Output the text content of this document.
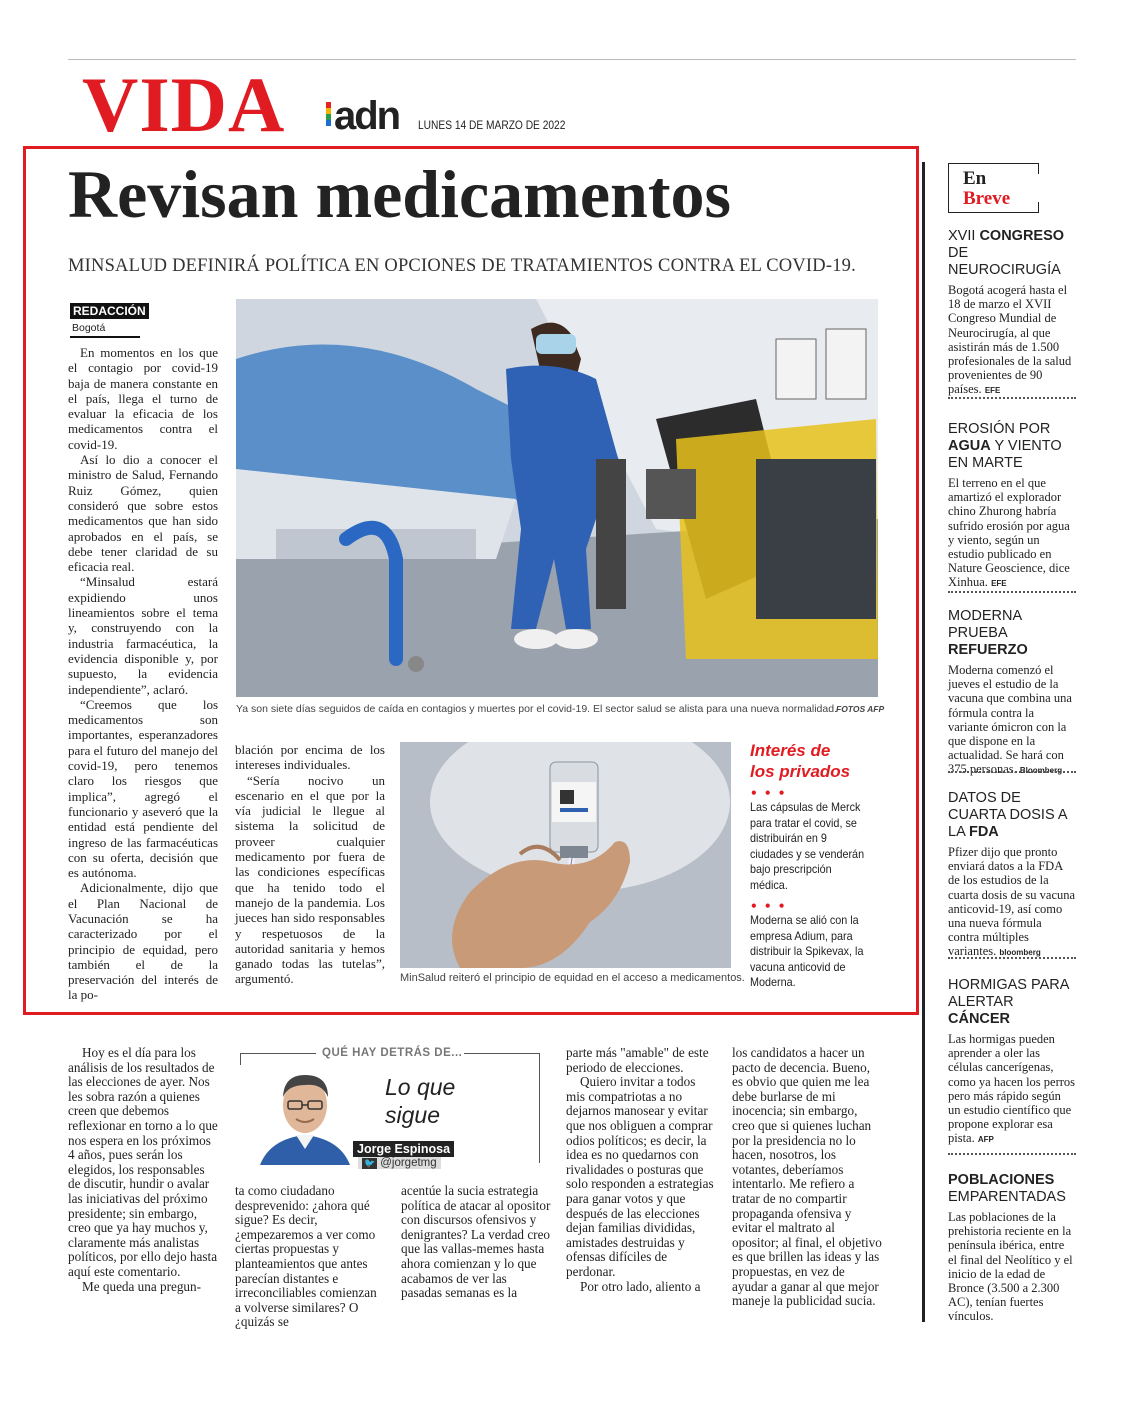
VIDA adn LUNES 14 DE MARZO DE 2022
Revisan medicamentos
MINSALUD DEFINIRÁ POLÍTICA EN OPCIONES DE TRATAMIENTOS CONTRA EL COVID-19.
REDACCIÓN
Bogotá

En momentos en los que el contagio por covid-19 baja de manera constante en el país, llega el turno de evaluar la eficacia de los medicamentos contra el covid-19.

Así lo dio a conocer el ministro de Salud, Fernando Ruiz Gómez, quien consideró que sobre estos medicamentos que han sido aprobados en el país, se debe tener claridad de su eficacia real.

“Minsalud estará expidiendo unos lineamientos sobre el tema y, construyendo con la industria farmacéutica, la evidencia disponible y, por supuesto, la evidencia independiente”, aclaró.

“Creemos que los medicamentos son importantes, esperanzadores para el futuro del manejo del covid-19, pero tenemos claro los riesgos que implica”, agregó el funcionario y aseveró que la entidad está pendiente del ingreso de las farmacéuticas con su oferta, decisión que es autónoma.

Adicionalmente, dijo que el Plan Nacional de Vacunación se ha caracterizado por el principio de equidad, pero también el de la preservación del interés de la po-

Ya son siete días seguidos de caída en contagios y muertes por el covid-19. El sector salud se alista para una nueva normalidad. FOTOS AFP

blación por encima de los intereses individuales.

“Sería nocivo un escenario en el que por la vía judicial le llegue al sistema la solicitud de proveer cualquier medicamento por fuera de las condiciones específicas que ha tenido todo el manejo de la pandemia. Los jueces han sido responsables y respetuosos de la autoridad sanitaria y hemos ganado todas las tutelas”, argumentó.	MinSalud reiteró el principio de equidad en el acceso a medicamentos.
Interés de
los privados
• • •
Las cápsulas de Merck para tratar el covid, se distribuirán en 9 ciudades y se venderán bajo prescripción médica.
• • •
Moderna se alió con la empresa Adium, para distribuir la Spikevax, la vacuna anticovid de Moderna.
En
Breve
XVII CONGRESO DE NEUROCIRUGÍA
Bogotá acogerá hasta el 18 de marzo el XVII Congreso Mundial de Neurocirugía, al que asistirán más de 1.500 profesionales de la salud provenientes de 90 países. EFE
EROSIÓN POR AGUA Y VIENTO EN MARTE
El terreno en el que amartizó el explorador chino Zhurong habría sufrido erosión por agua y viento, según un estudio publicado en Nature Geoscience, dice Xinhua. EFE
MODERNA PRUEBA REFUERZO
Moderna comenzó el jueves el estudio de la vacuna que combina una fórmula contra la variante ómicron con la que dispone en la actualidad. Se hará con 375 personas. Bloomberg
DATOS DE CUARTA DOSIS A LA FDA
Pfizer dijo que pronto enviará datos a la FDA de los estudios de la cuarta dosis de su vacuna anticovid-19, así como una nueva fórmula contra múltiples variantes. bloomberg
HORMIGAS PARA ALERTAR CÁNCER
Las hormigas pueden aprender a oler las células cancerígenas, como ya hacen los perros pero más rápido según un estudio científico que propone explorar esa pista. AFP
POBLACIONES EMPARENTADAS
Las poblaciones de la prehistoria reciente en la península ibérica, entre el final del Neolítico y el inicio de la edad de Bronce (3.500 a 2.300 AC), tenían fuertes vínculos.

Hoy es el día para los análisis de los resultados de las elecciones de ayer. Nos les sobra razón a quienes creen que debemos reflexionar en torno a lo que nos espera en los próximos 4 años, pues serán los elegidos, los responsables de discutir, hundir o avalar las iniciativas del próximo presidente; sin embargo, creo que ya hay muchos y, claramente más analistas políticos, por ello dejo hasta aquí este comentario.

Me queda una pregun-

QUÉ HAY DETRÁS DE...
Lo que
sigue
Jorge Espinosa
🐦 @jorgetmg

ta como ciudadano desprevenido: ¿ahora qué sigue? Es decir, ¿empezaremos a ver como ciertas propuestas y planteamientos que antes parecían distantes e irreconciliables comienzan a volverse similares? O ¿quizás se

acentúe la sucia estrategia política de atacar al opositor con discursos ofensivos y denigrantes? La verdad creo que las vallas-memes hasta ahora comienzan y lo que acabamos de ver las pasadas semanas es la

parte más "amable" de este periodo de elecciones.

Quiero invitar a todos mis compatriotas a no dejarnos manosear y evitar que nos obliguen a comprar odios políticos; es decir, la idea es no quedarnos con rivalidades o posturas que solo responden a estrategias para ganar votos y que después de las elecciones dejan familias divididas, amistades destruidas y ofensas difíciles de perdonar.

Por otro lado, aliento a

los candidatos a hacer un pacto de decencia. Bueno, es obvio que quien me lea debe burlarse de mi inocencia; sin embargo, creo que si quienes luchan por la presidencia no lo hacen, nosotros, los votantes, deberíamos intentarlo. Me refiero a tratar de no compartir propaganda ofensiva y evitar el maltrato al opositor; al final, el objetivo es que brillen las ideas y las propuestas, en vez de ayudar a ganar al que mejor maneje la publicidad sucia.
